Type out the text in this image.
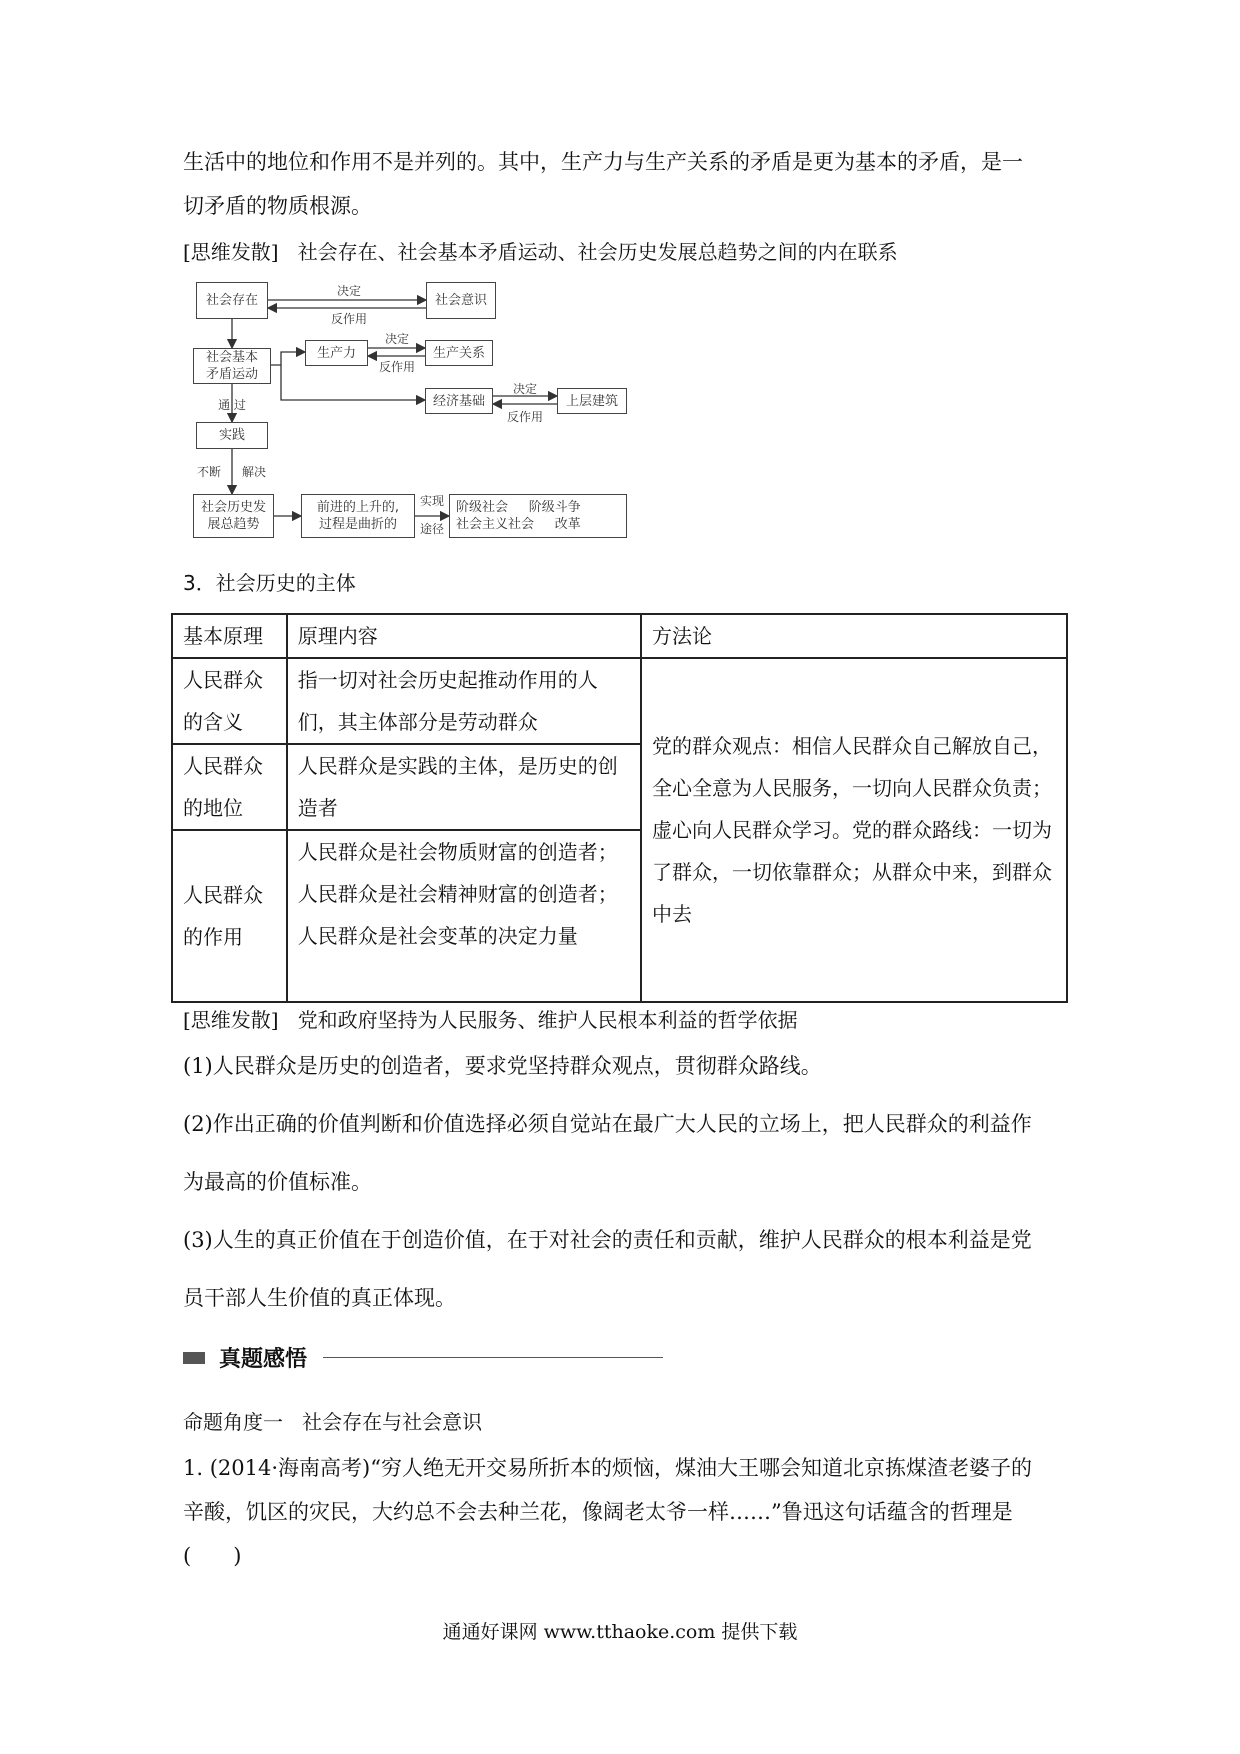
生活中的地位和作用不是并列的。其中，生产力与生产关系的矛盾是更为基本的矛盾，是一

切矛盾的物质根源。

[思维发散] 社会存在、社会基本矛盾运动、社会历史发展总趋势之间的内在联系

社会存在	社会意识
决定
反作用
社会基本
矛盾运动
生产力	生产关系
决定
反作用
经济基础	上层建筑
决定
反作用
通 过
实践
不断	解决
社会历史发
展总趋势
前进的上升的,
过程是曲折的
实现
途径
阶级社会 阶级斗争
社会主义社会 改革

3．社会历史的主体

基本原理	原理内容	方法论
人民群众的含义	指一切对社会历史起推动作用的人们，其主体部分是劳动群众	党的群众观点：相信人民群众自己解放自己，全心全意为人民服务，一切向人民群众负责；虚心向人民群众学习。党的群众路线：一切为了群众，一切依靠群众；从群众中来，到群众中去
人民群众的地位	人民群众是实践的主体，是历史的创造者	
人民群众的作用	人民群众是社会物质财富的创造者；人民群众是社会精神财富的创造者；人民群众是社会变革的决定力量	

[思维发散] 党和政府坚持为人民服务、维护人民根本利益的哲学依据

(1)人民群众是历史的创造者，要求党坚持群众观点，贯彻群众路线。

(2)作出正确的价值判断和价值选择必须自觉站在最广大人民的立场上，把人民群众的利益作

为最高的价值标准。

(3)人生的真正价值在于创造价值，在于对社会的责任和贡献，维护人民群众的根本利益是党

员干部人生价值的真正体现。

真题感悟

命题角度一 社会存在与社会意识

1. (2014·海南高考)“穷人绝无开交易所折本的烦恼，煤油大王哪会知道北京拣煤渣老婆子的

辛酸，饥区的灾民，大约总不会去种兰花，像阔老太爷一样……”鲁迅这句话蕴含的哲理是

(　　)

通通好课网 www.tthaoke.com 提供下载
